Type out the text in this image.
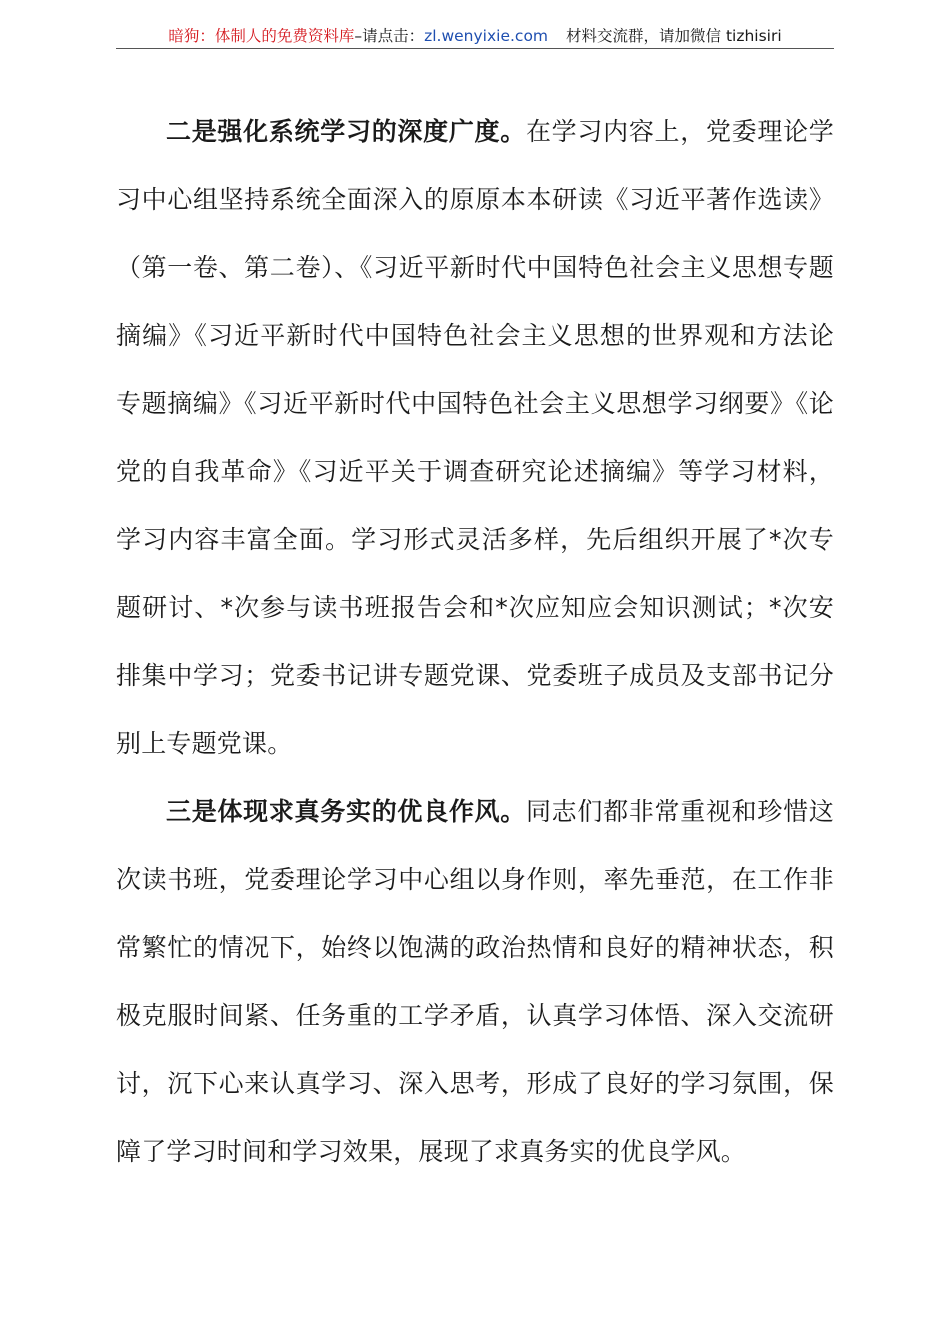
暗狗：体制人的免费资料库–请点击：zl.wenyixie.com 材料交流群，请加微信 tizhisiri

二是强化系统学习的深度广度。在学习内容上，党委理论学习中心组坚持系统全面深入的原原本本研读《习近平著作选读》（第一卷、第二卷）、《习近平新时代中国特色社会主义思想专题摘编》《习近平新时代中国特色社会主义思想的世界观和方法论专题摘编》《习近平新时代中国特色社会主义思想学习纲要》《论党的自我革命》《习近平关于调查研究论述摘编》等学习材料，学习内容丰富全面。学习形式灵活多样，先后组织开展了*次专题研讨、*次参与读书班报告会和*次应知应会知识测试；*次安排集中学习；党委书记讲专题党课、党委班子成员及支部书记分别上专题党课。

三是体现求真务实的优良作风。同志们都非常重视和珍惜这次读书班，党委理论学习中心组以身作则，率先垂范，在工作非常繁忙的情况下，始终以饱满的政治热情和良好的精神状态，积极克服时间紧、任务重的工学矛盾，认真学习体悟、深入交流研讨，沉下心来认真学习、深入思考，形成了良好的学习氛围，保障了学习时间和学习效果，展现了求真务实的优良学风。
